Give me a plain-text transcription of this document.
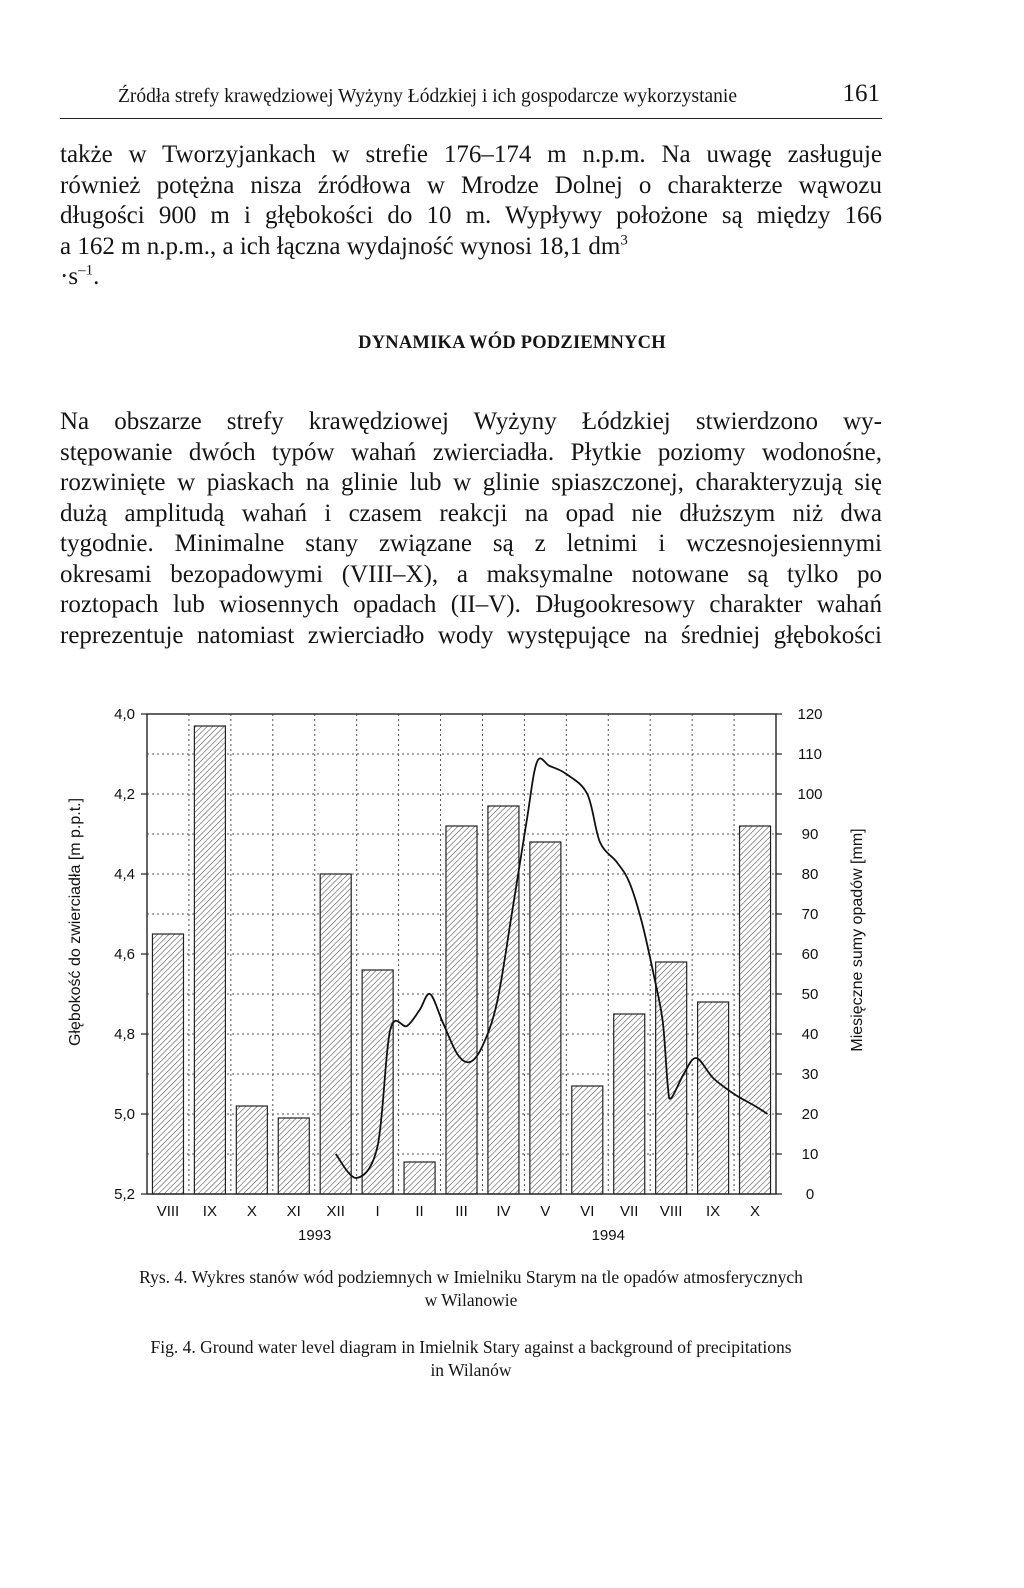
Źródła strefy krawędziowej Wyżyny Łódzkiej i ich gospodarcze wykorzystanie	161
także w Tworzyjankach w strefie 176–174 m n.p.m. Na uwagę zasługuje
również potężna nisza źródłowa w Mrodze Dolnej o charakterze wąwozu
długości 900 m i głębokości do 10 m. Wypływy położone są między 166
a 162 m n.p.m., a ich łączna wydajność wynosi 18,1 $dm^3$
$\cdot s^{-1}$.
DYNAMIKA WÓD PODZIEMNYCH
Na obszarze strefy krawędziowej Wyżyny Łódzkiej stwierdzono wy-
stępowanie dwóch typów wahań zwierciadła. Płytkie poziomy wodonośne,
rozwinięte w piaskach na glinie lub w glinie spiaszczonej, charakteryzują się
dużą amplitudą wahań i czasem reakcji na opad nie dłuższym niż dwa
tygodnie. Minimalne stany związane są z letnimi i wczesnojesiennymi
okresami bezopadowymi (VIII–X), a maksymalne notowane są tylko po
roztopach lub wiosennych opadach (II–V). Długookresowy charakter wahań
reprezentuje natomiast zwierciadło wody występujące na średniej głębokości
4,0
4,2
4,4
4,6
4,8
5,0
5,2	0
10
20
30
40
50
60
70
80
90
100
110
120
VIII IX X XI XII I II III IV V VI VII VIII IX X
1993	1994
Głębokość do zwierciadła [m p.p.t.]	Miesięczne sumy opadów [mm]
Rys. 4. Wykres stanów wód podziemnych w Imielniku Starym na tle opadów atmosferycznych
w Wilanowie
Fig. 4. Ground water level diagram in Imielnik Stary against a background of precipitations
in Wilanów
